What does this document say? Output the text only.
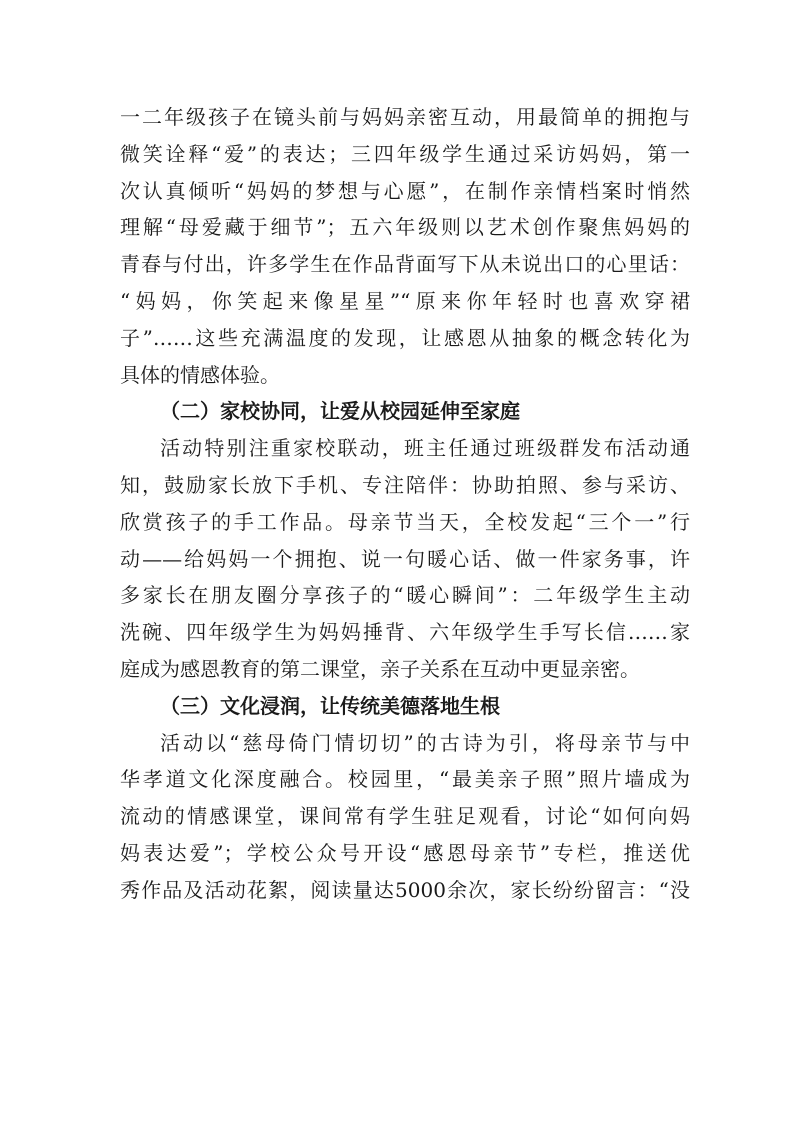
一二年级孩子在镜头前与妈妈亲密互动，用最简单的拥抱与
微笑诠释“爱”的表达；三四年级学生通过采访妈妈，第一
次认真倾听“妈妈的梦想与心愿”，在制作亲情档案时悄然
理解“母爱藏于细节”；五六年级则以艺术创作聚焦妈妈的
青春与付出，许多学生在作品背面写下从未说出口的心里话：
“妈妈，你笑起来像星星”“原来你年轻时也喜欢穿裙
子”……这些充满温度的发现，让感恩从抽象的概念转化为
具体的情感体验。
（二）家校协同，让爱从校园延伸至家庭
活动特别注重家校联动，班主任通过班级群发布活动通
知，鼓励家长放下手机、专注陪伴：协助拍照、参与采访、
欣赏孩子的手工作品。母亲节当天，全校发起“三个一”行
动——给妈妈一个拥抱、说一句暖心话、做一件家务事，许
多家长在朋友圈分享孩子的“暖心瞬间”：二年级学生主动
洗碗、四年级学生为妈妈捶背、六年级学生手写长信……家
庭成为感恩教育的第二课堂，亲子关系在互动中更显亲密。
（三）文化浸润，让传统美德落地生根
活动以“慈母倚门情切切”的古诗为引，将母亲节与中
华孝道文化深度融合。校园里，“最美亲子照”照片墙成为
流动的情感课堂，课间常有学生驻足观看，讨论“如何向妈
妈表达爱”；学校公众号开设“感恩母亲节”专栏，推送优
秀作品及活动花絮，阅读量达5000余次，家长纷纷留言：“没
